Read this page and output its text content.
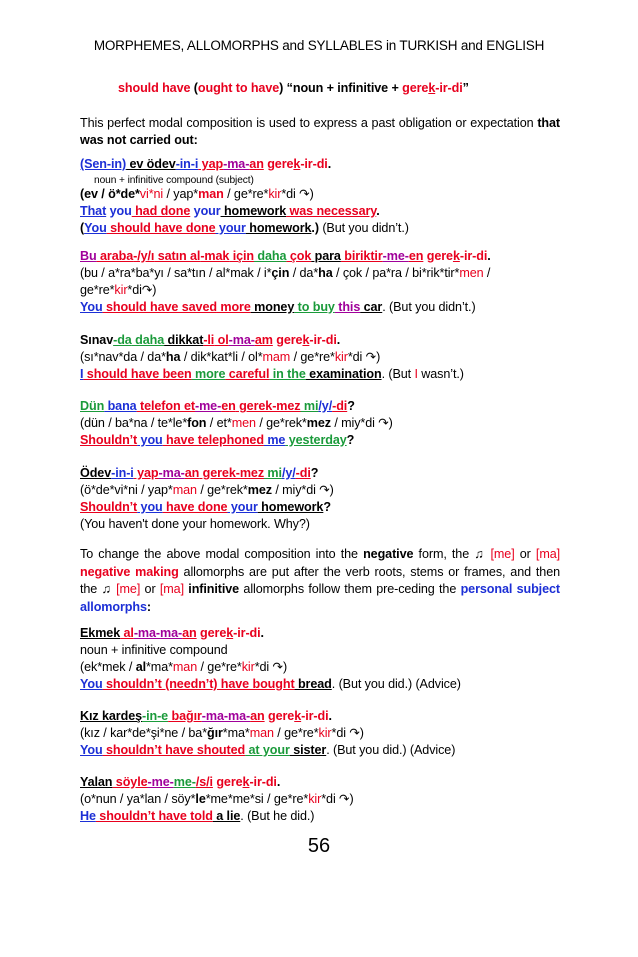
MORPHEMES, ALLOMORPHS and SYLLABLES in TURKISH and ENGLISH
should have (ought to have) “noun + infinitive + gerek-ir-di”
This perfect modal composition is used to express a past obligation or expectation that was not carried out:
(Sen-in) ev ödev-in-i yap-ma-an gerek-ir-di.
noun + infinitive compound (subject)
(ev / ö*de*vi*ni / yap*man / ge*re*kir*di ↷)
That you had done your homework was necessary.
(You should have done your homework.) (But you didn’t.)
Bu araba-/y/ı satın al-mak için daha çok para biriktir-me-en gerek-ir-di.
(bu / a*ra*ba*yı / sa*tın / al*mak / i*çin / da*ha / çok / pa*ra / bi*rik*tir*men /
ge*re*kir*di↷)
You should have saved more money to buy this car. (But you didn’t.)
Sınav-da daha dikkat-li ol-ma-am gerek-ir-di.
(sı*nav*da / da*ha / dik*kat*li / ol*mam / ge*re*kir*di ↷)
I should have been more careful in the examination. (But I wasn’t.)
Dün bana telefon et-me-en gerek-mez mi/y/-di?
(dün / ba*na / te*le*fon / et*men / ge*rek*mez / miy*di ↷)
Shouldn’t you have telephoned me yesterday?
Ödev-in-i yap-ma-an gerek-mez mi/y/-di?
(ö*de*vi*ni / yap*man / ge*rek*mez / miy*di ↷)
Shouldn’t you have done your homework?
(You haven't done your homework. Why?)
To change the above modal composition into the negative form, the ♫ [me] or [ma] negative making allomorphs are put after the verb roots, stems or frames, and then the ♫ [me] or [ma] infinitive allomorphs follow them pre-ceding the personal subject allomorphs:
Ekmek al-ma-ma-an gerek-ir-di.
noun + infinitive compound
(ek*mek / al*ma*man / ge*re*kir*di ↷)
You shouldn’t (needn’t) have bought bread. (But you did.) (Advice)
Kız kardeş-in-e bağır-ma-ma-an gerek-ir-di.
(kız / kar*de*şi*ne / ba*ğır*ma*man / ge*re*kir*di ↷)
You shouldn’t have shouted at your sister. (But you did.) (Advice)
Yalan söyle-me-me-/s/i gerek-ir-di.
(o*nun / ya*lan / söy*le*me*me*si / ge*re*kir*di ↷)
He shouldn’t have told a lie. (But he did.)
56
